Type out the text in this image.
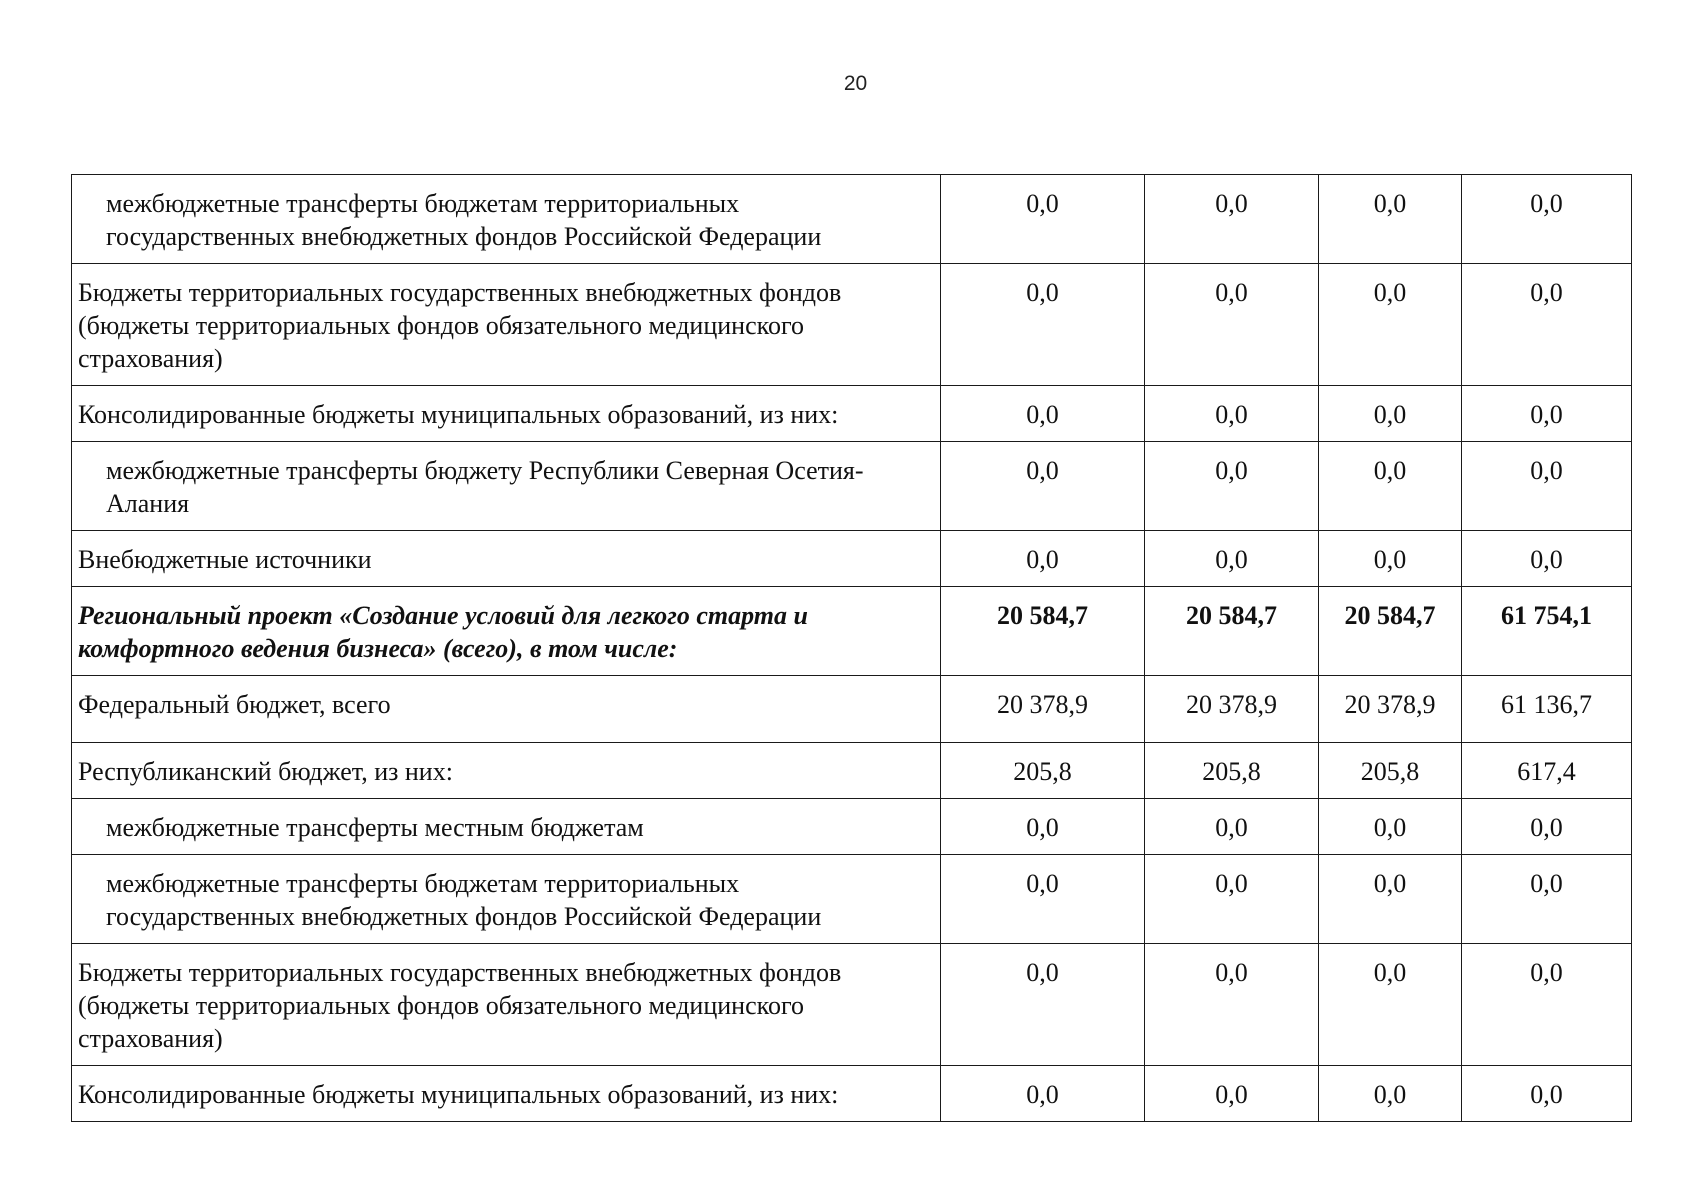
20
межбюджетные трансферты бюджетам территориальных государственных внебюджетных фондов Российской Федерации	0,0	0,0	0,0	0,0
Бюджеты территориальных государственных внебюджетных фондов (бюджеты территориальных фондов обязательного медицинского страхования)	0,0	0,0	0,0	0,0
Консолидированные бюджеты муниципальных образований, из них:	0,0	0,0	0,0	0,0
межбюджетные трансферты бюджету Республики Северная Осетия-Алания	0,0	0,0	0,0	0,0
Внебюджетные источники	0,0	0,0	0,0	0,0
Региональный проект «Создание условий для легкого старта и комфортного ведения бизнеса» (всего), в том числе:	20 584,7	20 584,7	20 584,7	61 754,1
Федеральный бюджет, всего	20 378,9	20 378,9	20 378,9	61 136,7
Республиканский бюджет, из них:	205,8	205,8	205,8	617,4
межбюджетные трансферты местным бюджетам	0,0	0,0	0,0	0,0
межбюджетные трансферты бюджетам территориальных государственных внебюджетных фондов Российской Федерации	0,0	0,0	0,0	0,0
Бюджеты территориальных государственных внебюджетных фондов (бюджеты территориальных фондов обязательного медицинского страхования)	0,0	0,0	0,0	0,0
Консолидированные бюджеты муниципальных образований, из них:	0,0	0,0	0,0	0,0
